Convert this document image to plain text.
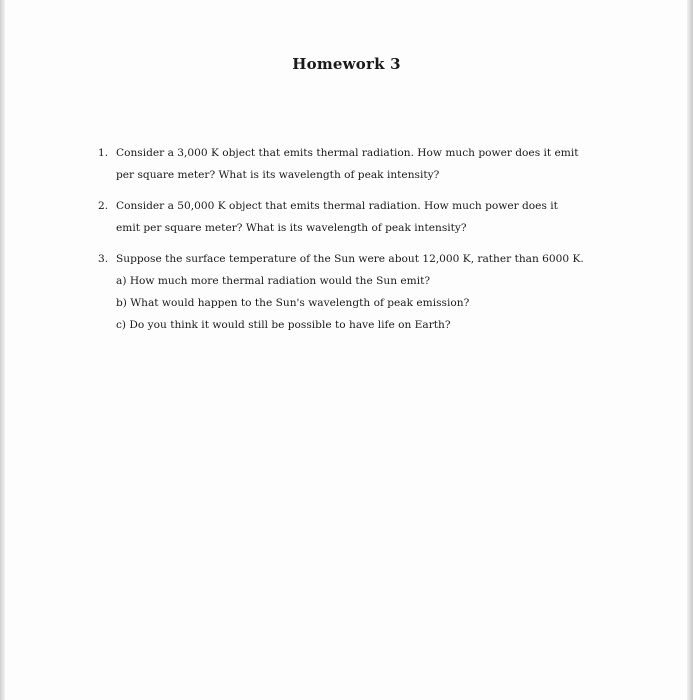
Homework 3
1. Consider a 3,000 K object that emits thermal radiation. How much power does it emit
per square meter? What is its wavelength of peak intensity?
2. Consider a 50,000 K object that emits thermal radiation. How much power does it
emit per square meter? What is its wavelength of peak intensity?
3. Suppose the surface temperature of the Sun were about 12,000 K, rather than 6000 K.
a) How much more thermal radiation would the Sun emit?
b) What would happen to the Sun's wavelength of peak emission?
c) Do you think it would still be possible to have life on Earth?
